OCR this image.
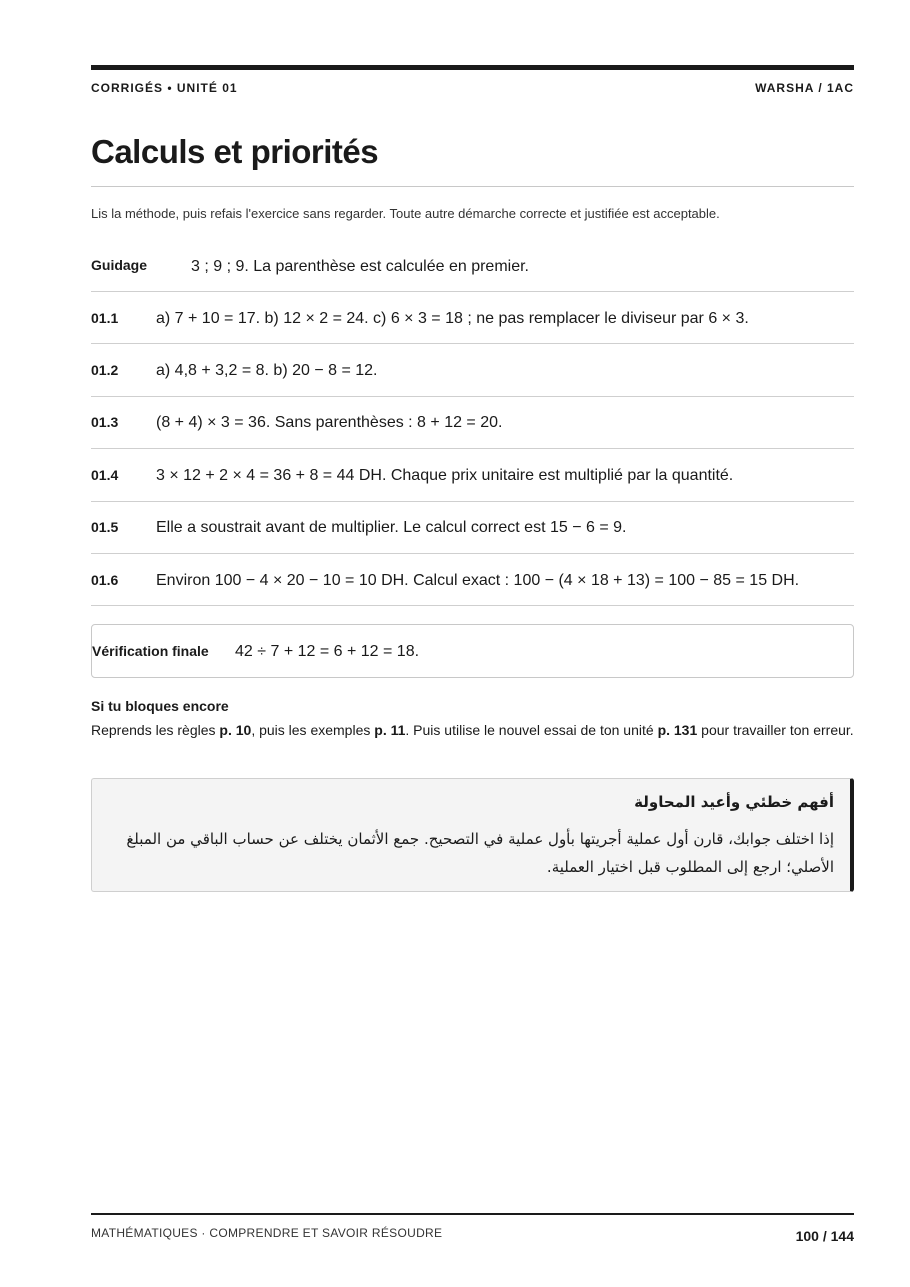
CORRIGÉS • UNITÉ 01	WARSHA / 1AC
Calculs et priorités
Lis la méthode, puis refais l'exercice sans regarder. Toute autre démarche correcte et justifiée est acceptable.
Guidage	3 ; 9 ; 9. La parenthèse est calculée en premier.
01.1 a) 7 + 10 = 17. b) 12 × 2 = 24. c) 6 × 3 = 18 ; ne pas remplacer le diviseur par 6 × 3.
01.2 a) 4,8 + 3,2 = 8. b) 20 − 8 = 12.
01.3 (8 + 4) × 3 = 36. Sans parenthèses : 8 + 12 = 20.
01.4 3 × 12 + 2 × 4 = 36 + 8 = 44 DH. Chaque prix unitaire est multiplié par la quantité.
01.5 Elle a soustrait avant de multiplier. Le calcul correct est 15 − 6 = 9.
01.6 Environ 100 − 4 × 20 − 10 = 10 DH. Calcul exact : 100 − (4 × 18 + 13) = 100 − 85 = 15 DH.
Vérification finale 42 ÷ 7 + 12 = 6 + 12 = 18.
Si tu bloques encore
Reprends les règles p. 10, puis les exemples p. 11. Puis utilise le nouvel essai de ton unité p. 131 pour travailler ton erreur.
أفهم خطئي وأعيد المحاولة
إذا اختلف جوابك، قارن أول عملية أجريتها بأول عملية في التصحيح. جمع الأثمان يختلف عن حساب الباقي من المبلغ الأصلي؛ ارجع إلى المطلوب قبل اختيار العملية.
MATHÉMATIQUES · COMPRENDRE ET SAVOIR RÉSOUDRE	100 / 144
